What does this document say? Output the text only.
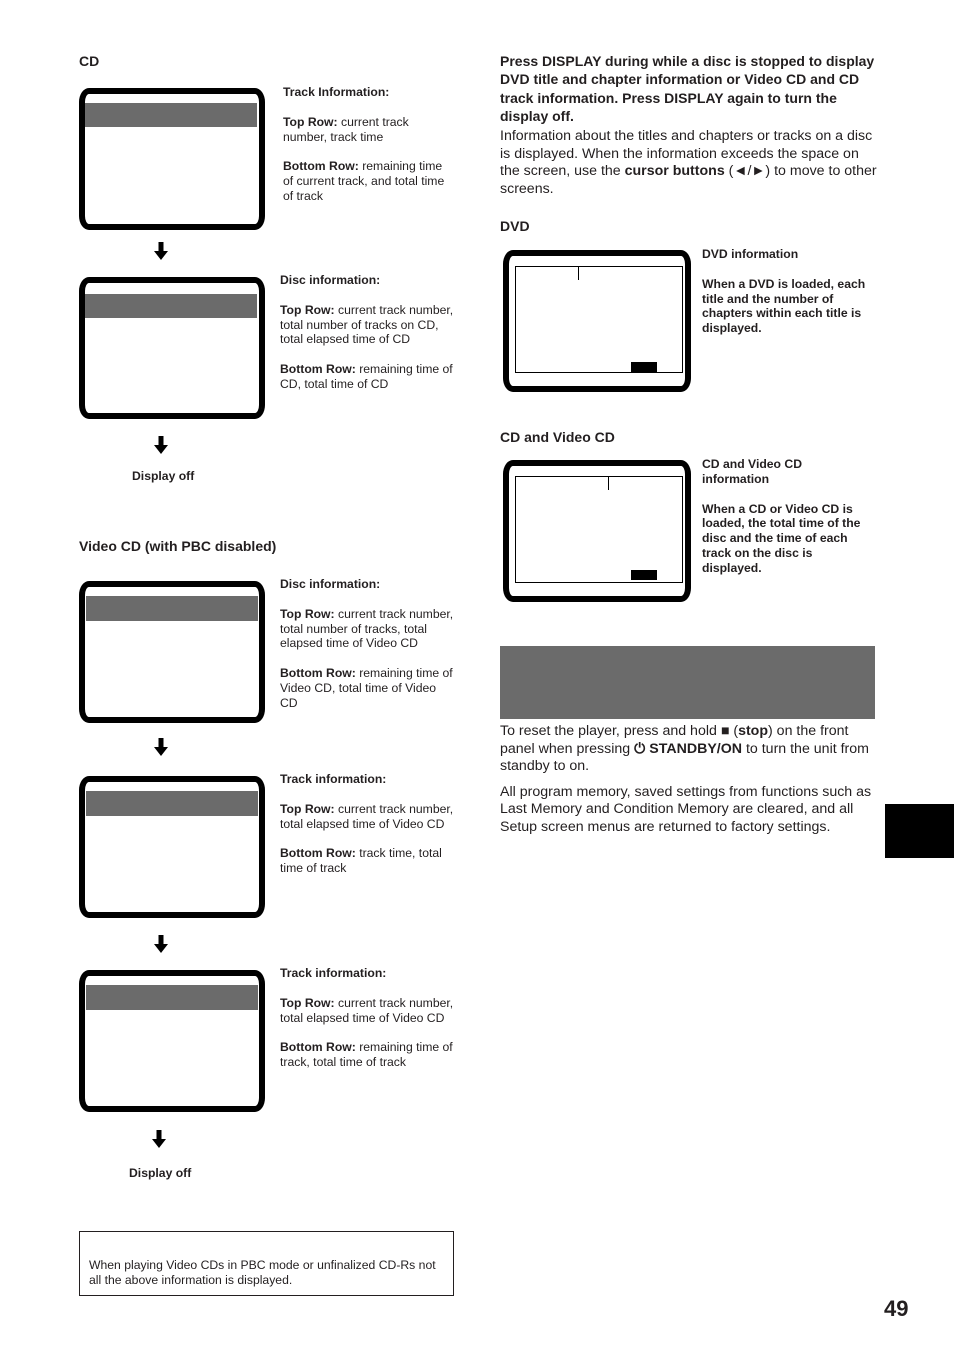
CD

Track Information:

Top Row: current track number, track time

Bottom Row: remaining time of current track, and total time of track

Disc information:

Top Row: current track number, total number of tracks on CD, total elapsed time of CD

Bottom Row: remaining time of CD, total time of CD

Display off
Video CD (with PBC disabled)

Disc information:

Top Row: current track number, total number of tracks, total elapsed time of Video CD

Bottom Row: remaining time of Video CD, total time of Video CD

Track information:

Top Row: current track number, total elapsed time of Video CD

Bottom Row: track time, total time of track

Track information:

Top Row: current track number, total elapsed time of Video CD

Bottom Row: remaining time of track, total time of track

Display off
When playing Video CDs in PBC mode or unfinalized CD-Rs not all the above information is displayed.
Press DISPLAY during while a disc is stopped to display DVD title and chapter information or Video CD and CD track information. Press DISPLAY again to turn the display off.
Information about the titles and chapters or tracks on a disc is displayed. When the information exceeds the space on the screen, use the cursor buttons (◄/►) to move to other screens.
DVD

DVD information

When a DVD is loaded, each title and the number of chapters within each title is displayed.

CD and Video CD

CD and Video CD information

When a CD or Video CD is loaded, the total time of the disc and the time of each track on the disc is displayed.

To reset the player, press and hold ■ (stop) on the front panel when pressing ⏻ STANDBY/ON to turn the unit from standby to on.

All program memory, saved settings from functions such as Last Memory and Condition Memory are cleared, and all Setup screen menus are returned to factory settings.

49
